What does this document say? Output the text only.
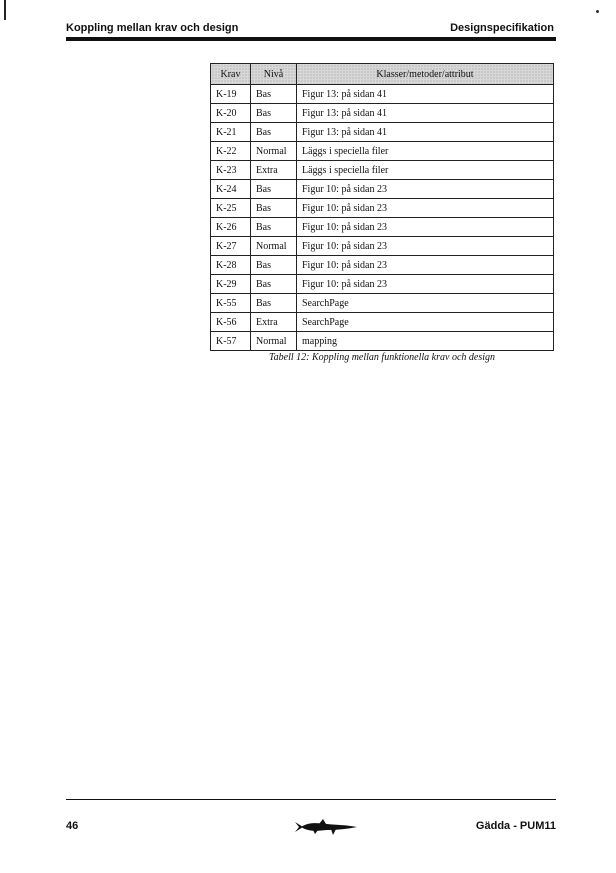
Koppling mellan krav och design	Designspecifikation
Krav	Nivå	Klasser/metoder/attribut
K-19	Bas	Figur 13: på sidan 41
K-20	Bas	Figur 13: på sidan 41
K-21	Bas	Figur 13: på sidan 41
K-22	Normal	Läggs i speciella filer
K-23	Extra	Läggs i speciella filer
K-24	Bas	Figur 10: på sidan 23
K-25	Bas	Figur 10: på sidan 23
K-26	Bas	Figur 10: på sidan 23
K-27	Normal	Figur 10: på sidan 23
K-28	Bas	Figur 10: på sidan 23
K-29	Bas	Figur 10: på sidan 23
K-55	Bas	SearchPage
K-56	Extra	SearchPage
K-57	Normal	mapping
Tabell 12: Koppling mellan funktionella krav och design
46	Gädda - PUM11
